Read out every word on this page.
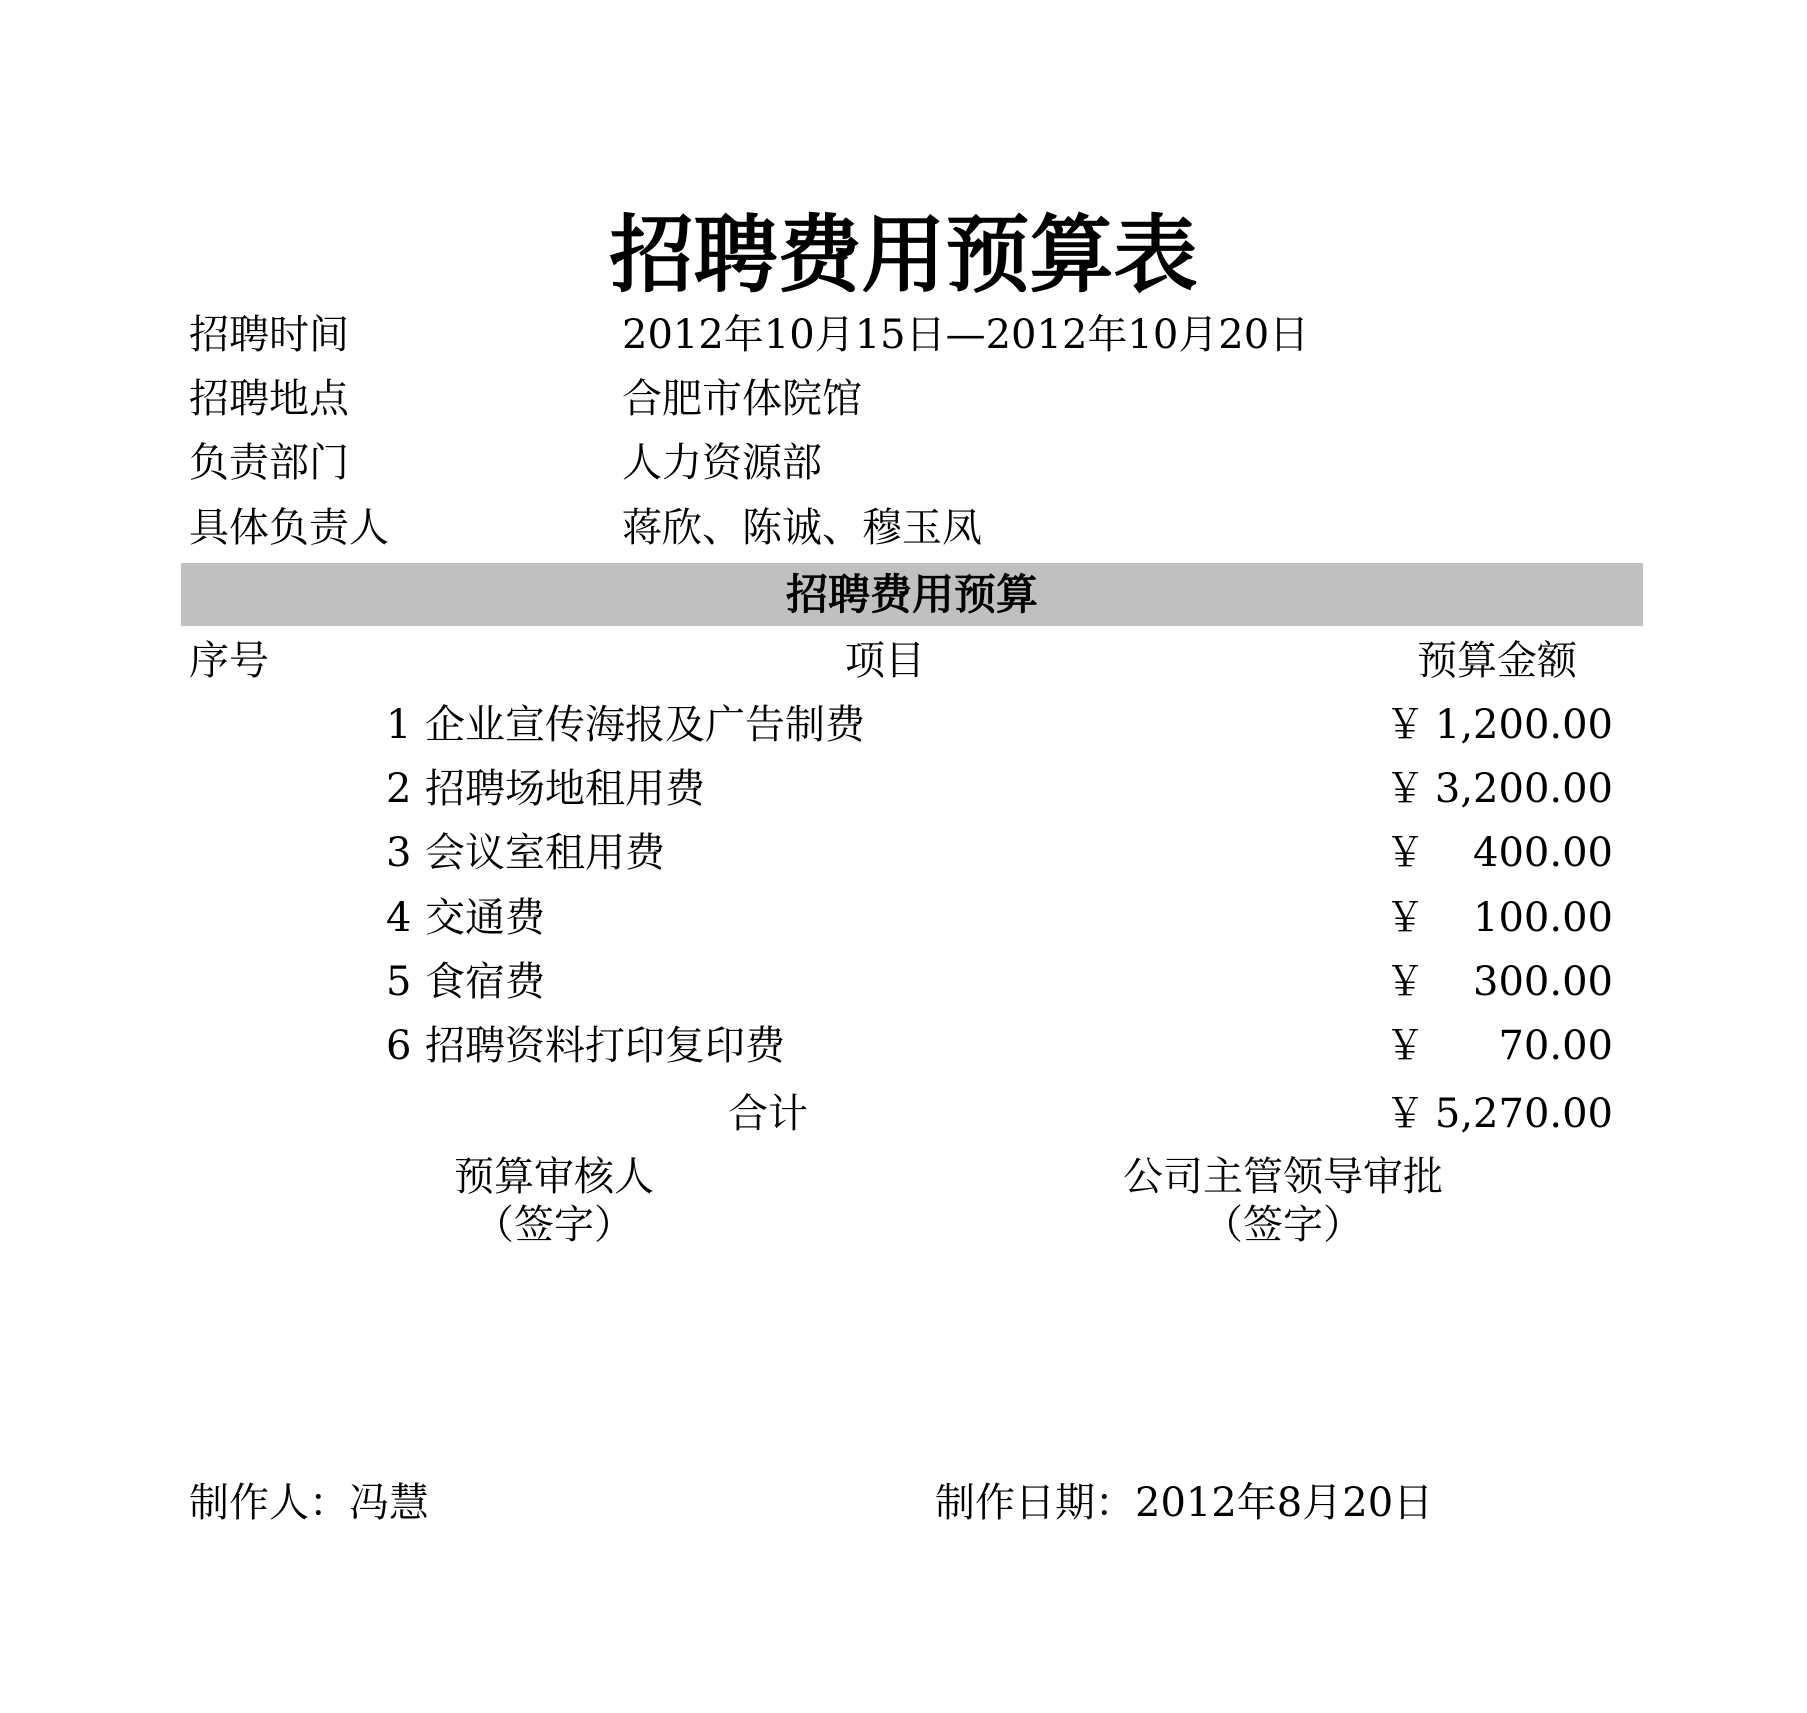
招聘费用预算表
招聘时间	2012年10月15日—2012年10月20日
招聘地点	合肥市体院馆
负责部门	人力资源部
具体负责人	蒋欣、陈诚、穆玉凤
招聘费用预算
序号	项目	预算金额
1 企业宣传海报及广告制费	￥ 1,200.00
2 招聘场地租用费	￥ 3,200.00
3 会议室租用费	￥ 400.00
4 交通费	￥ 100.00
5 食宿费	￥ 300.00
6 招聘资料打印复印费	￥ 70.00
合计	￥ 5,270.00
预算审核人
（签字）
公司主管领导审批
（签字）
制作人：冯慧	制作日期：2012年8月20日
